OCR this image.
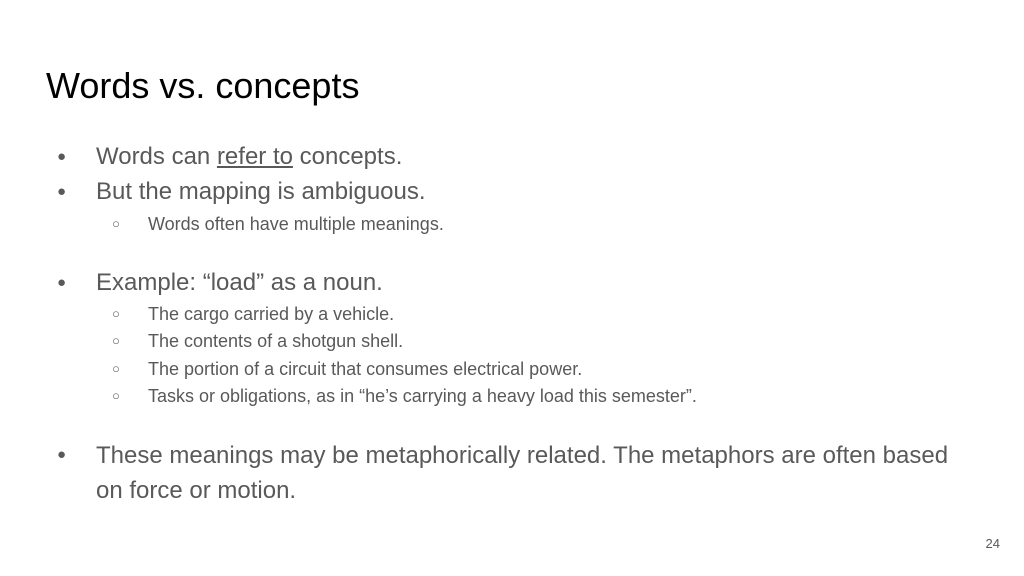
Words vs. concepts
● Words can refer to concepts.
● But the mapping is ambiguous.
○ Words often have multiple meanings.
● Example: “load” as a noun.
○ The cargo carried by a vehicle.
○ The contents of a shotgun shell.
○ The portion of a circuit that consumes electrical power.
○ Tasks or obligations, as in “he’s carrying a heavy load this semester”.
● These meanings may be metaphorically related. The metaphors are often based on force or motion.
24
